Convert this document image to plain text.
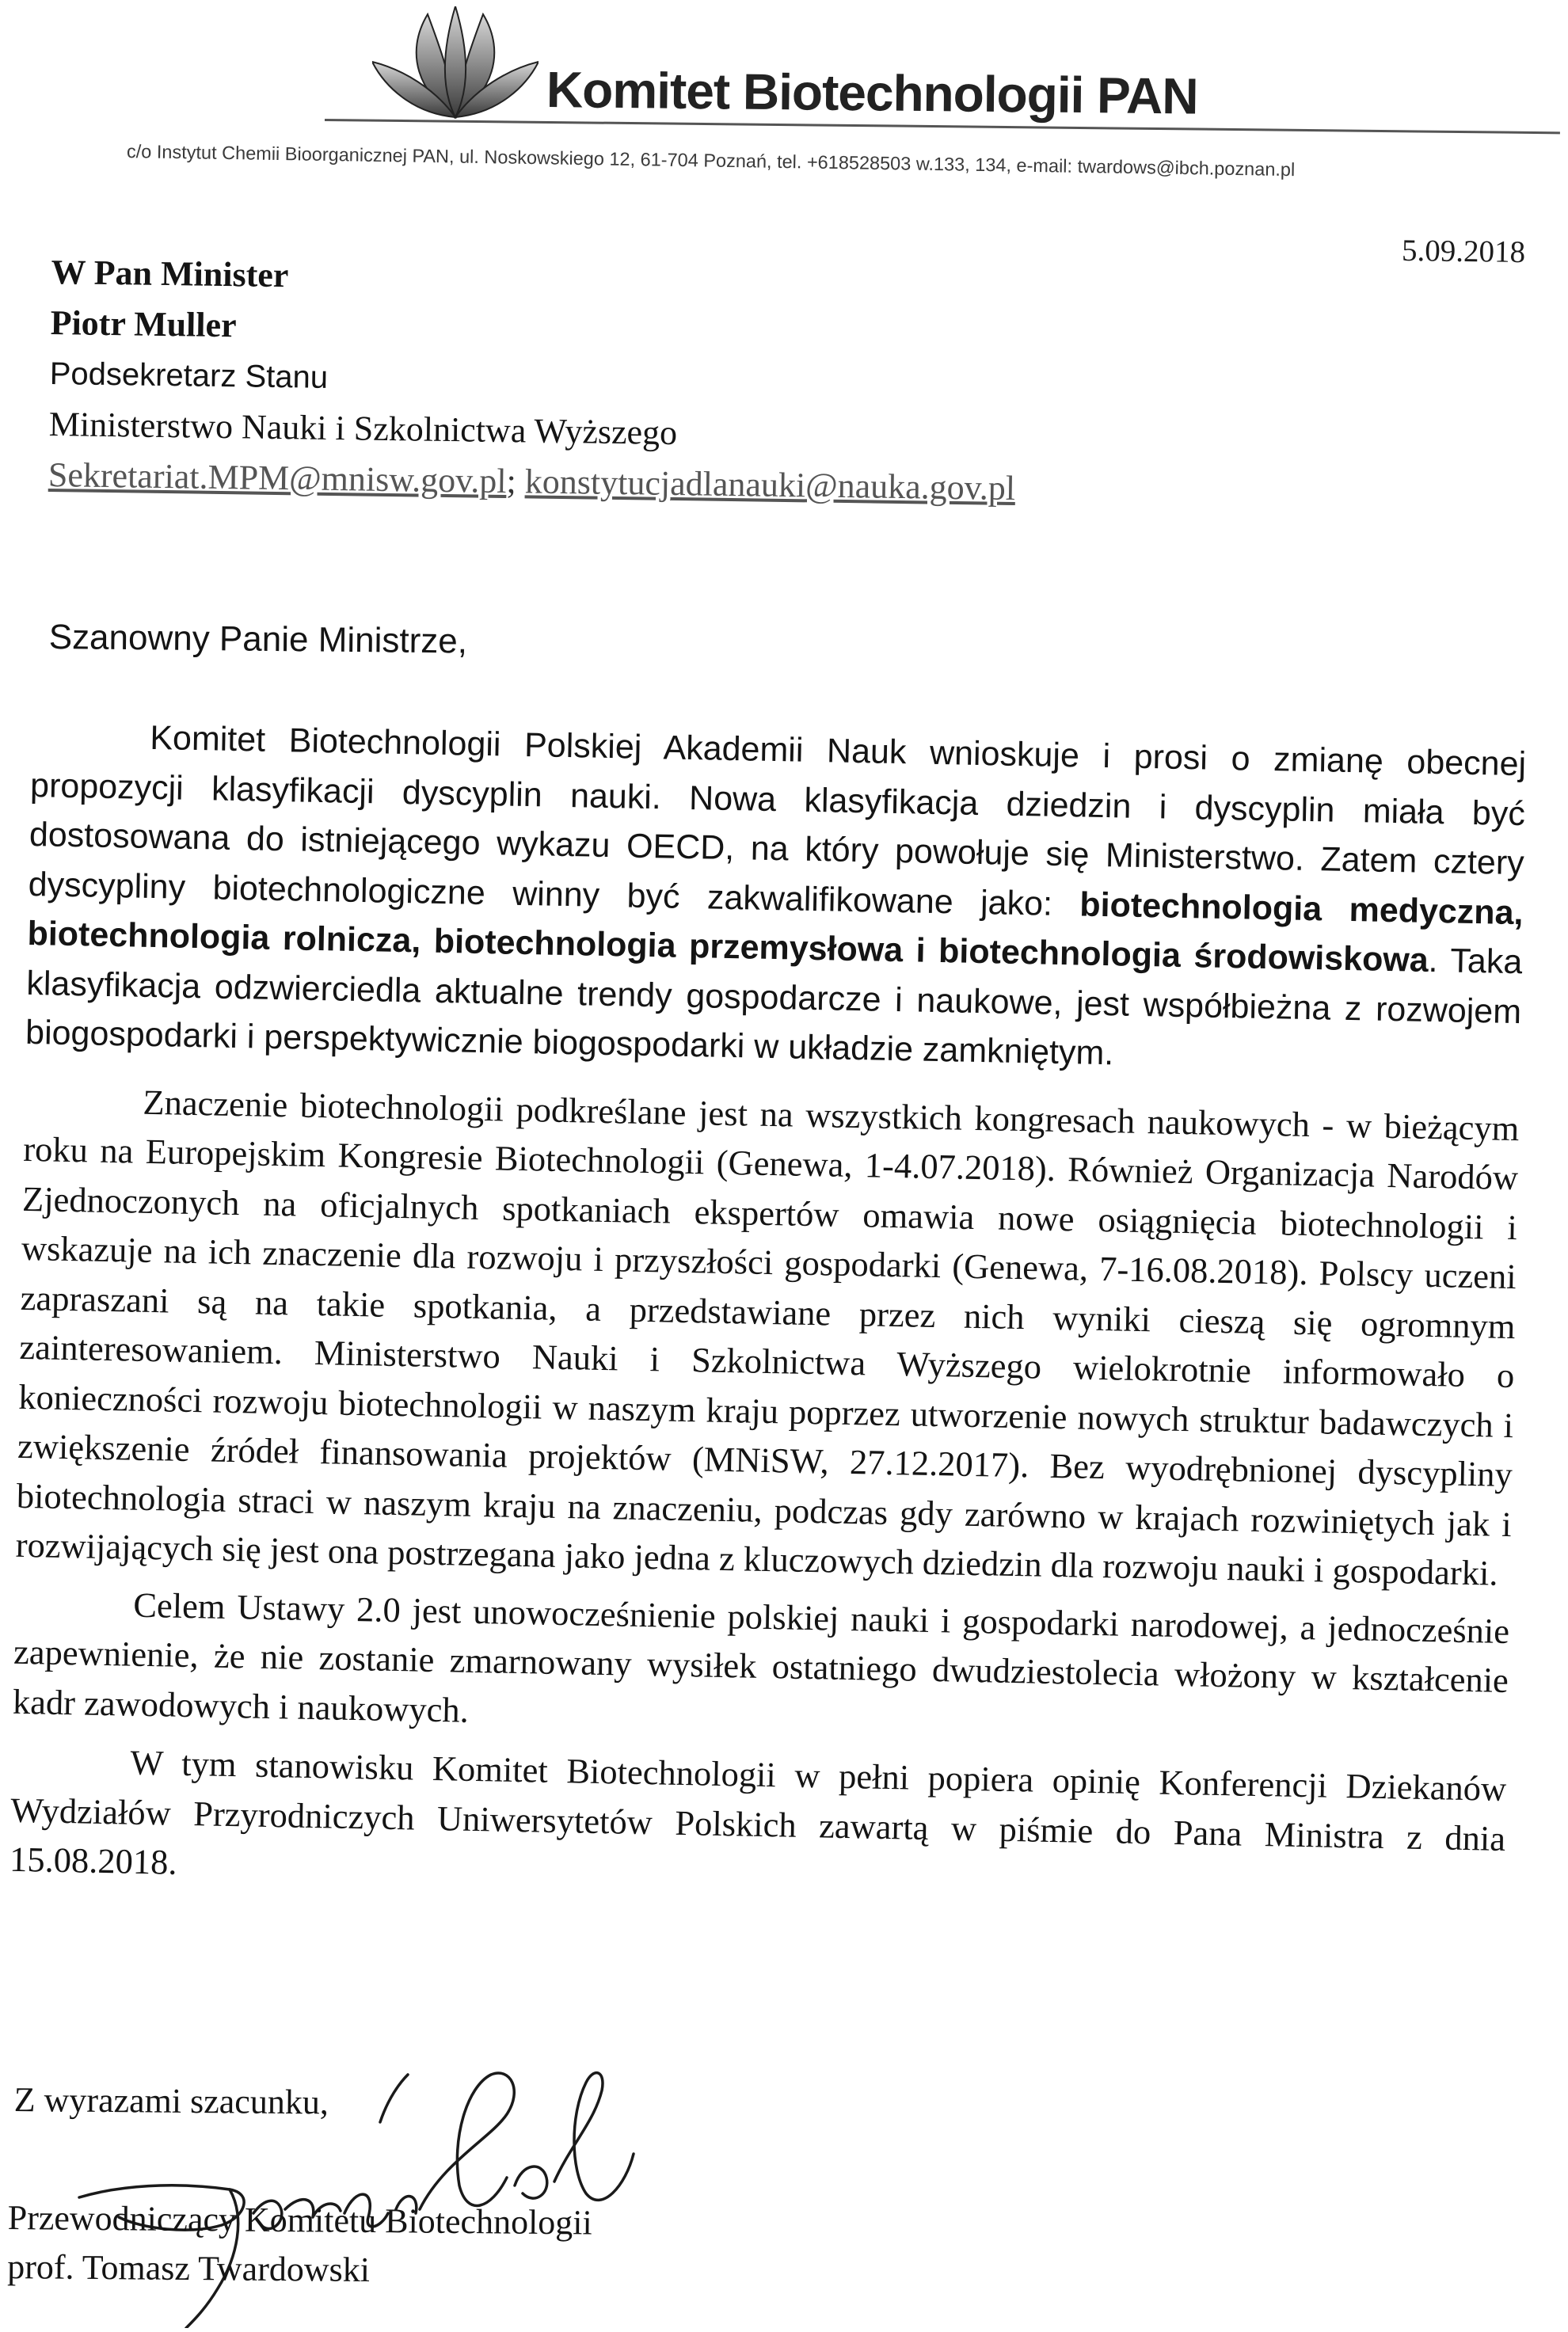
Komitet Biotechnologii PAN
c/o Instytut Chemii Bioorganicznej PAN, ul. Noskowskiego 12, 61-704 Poznań, tel. +618528503 w.133, 134, e-mail: twardows@ibch.poznan.pl
5.09.2018
W Pan Minister
Piotr Muller
Podsekretarz Stanu
Ministerstwo Nauki i Szkolnictwa Wyższego
Sekretariat.MPM@mnisw.gov.pl; konstytucjadlanauki@nauka.gov.pl
Szanowny Panie Ministrze,

Komitet Biotechnologii Polskiej Akademii Nauk wnioskuje i prosi o zmianę obecnej propozycji klasyfikacji dyscyplin nauki. Nowa klasyfikacja dziedzin i dyscyplin miała być dostosowana do istniejącego wykazu OECD, na który powołuje się Ministerstwo. Zatem cztery dyscypliny biotechnologiczne winny być zakwalifikowane jako: biotechnologia medyczna, biotechnologia rolnicza, biotechnologia przemysłowa i biotechnologia środowiskowa. Taka klasyfikacja odzwierciedla aktualne trendy gospodarcze i naukowe, jest współbieżna z rozwojem biogospodarki i perspektywicznie biogospodarki w układzie zamkniętym.

Znaczenie biotechnologii podkreślane jest na wszystkich kongresach naukowych - w bieżącym roku na Europejskim Kongresie Biotechnologii (Genewa, 1-4.07.2018). Również Organizacja Narodów Zjednoczonych na oficjalnych spotkaniach ekspertów omawia nowe osiągnięcia biotechnologii i wskazuje na ich znaczenie dla rozwoju i przyszłości gospodarki (Genewa, 7-16.08.2018). Polscy uczeni zapraszani są na takie spotkania, a przedstawiane przez nich wyniki cieszą się ogromnym zainteresowaniem. Ministerstwo Nauki i Szkolnictwa Wyższego wielokrotnie informowało o konieczności rozwoju biotechnologii w naszym kraju poprzez utworzenie nowych struktur badawczych i zwiększenie źródeł finansowania projektów (MNiSW, 27.12.2017). Bez wyodrębnionej dyscypliny biotechnologia straci w naszym kraju na znaczeniu, podczas gdy zarówno w krajach rozwiniętych jak i rozwijających się jest ona postrzegana jako jedna z kluczowych dziedzin dla rozwoju nauki i gospodarki.

Celem Ustawy 2.0 jest unowocześnienie polskiej nauki i gospodarki narodowej, a jednocześnie zapewnienie, że nie zostanie zmarnowany wysiłek ostatniego dwudziestolecia włożony w kształcenie kadr zawodowych i naukowych.

W tym stanowisku Komitet Biotechnologii w pełni popiera opinię Konferencji Dziekanów Wydziałów Przyrodniczych Uniwersytetów Polskich zawartą w piśmie do Pana Ministra z dnia 15.08.2018.

Z wyrazami szacunku,
Przewodniczący Komitetu Biotechnologii
prof. Tomasz Twardowski
